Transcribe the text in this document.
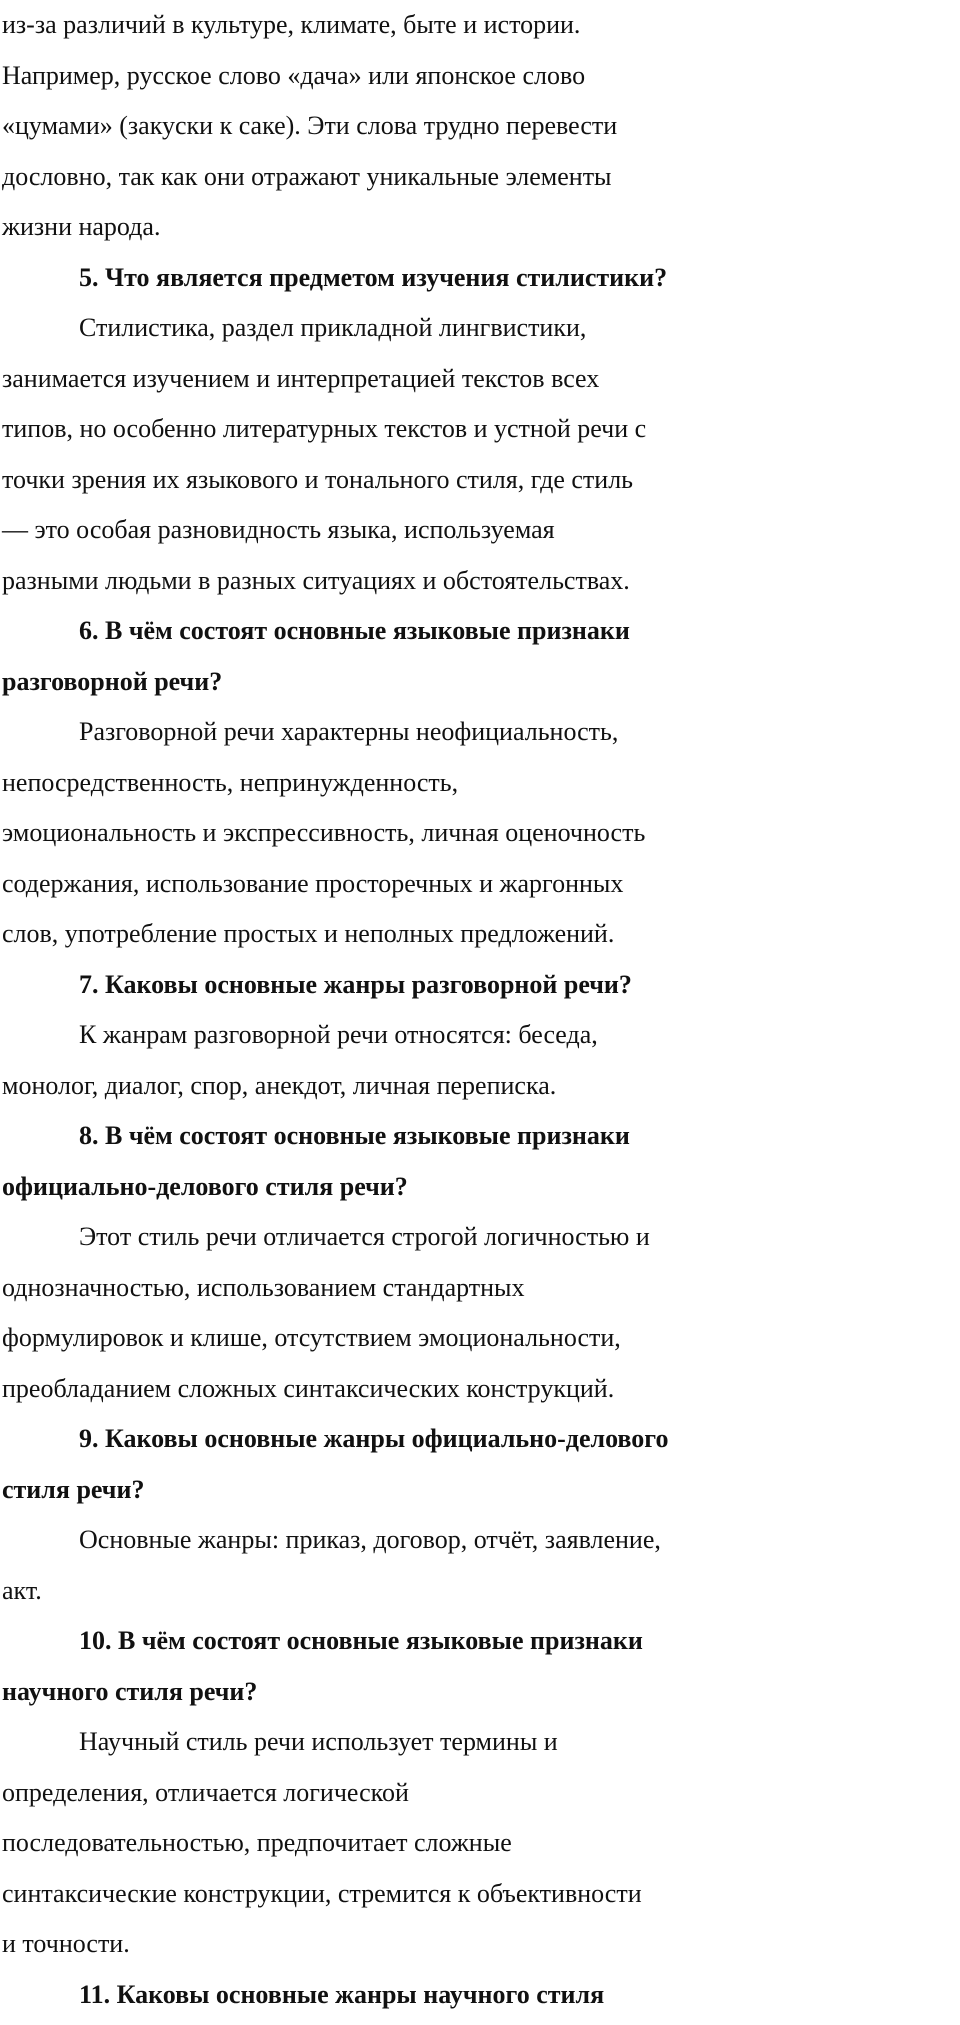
из-за различий в культуре, климате, быте и истории.
Например, русское слово «дача» или японское слово
«цумами» (закуски к саке). Эти слова трудно перевести
дословно, так как они отражают уникальные элементы
жизни народа.
5. Что является предметом изучения стилистики?
Стилистика, раздел прикладной лингвистики,
занимается изучением и интерпретацией текстов всех
типов, но особенно литературных текстов и устной речи с
точки зрения их языкового и тонального стиля, где стиль
— это особая разновидность языка, используемая
разными людьми в разных ситуациях и обстоятельствах.
6. В чём состоят основные языковые признаки
разговорной речи?
Разговорной речи характерны неофициальность,
непосредственность, непринужденность,
эмоциональность и экспрессивность, личная оценочность
содержания, использование просторечных и жаргонных
слов, употребление простых и неполных предложений.
7. Каковы основные жанры разговорной речи?
К жанрам разговорной речи относятся: беседа,
монолог, диалог, спор, анекдот, личная переписка.
8. В чём состоят основные языковые признаки
официально-делового стиля речи?
Этот стиль речи отличается строгой логичностью и
однозначностью, использованием стандартных
формулировок и клише, отсутствием эмоциональности,
преобладанием сложных синтаксических конструкций.
9. Каковы основные жанры официально-делового
стиля речи?
Основные жанры: приказ, договор, отчёт, заявление,
акт.
10. В чём состоят основные языковые признаки
научного стиля речи?
Научный стиль речи использует термины и
определения, отличается логической
последовательностью, предпочитает сложные
синтаксические конструкции, стремится к объективности
и точности.
11. Каковы основные жанры научного стиля
